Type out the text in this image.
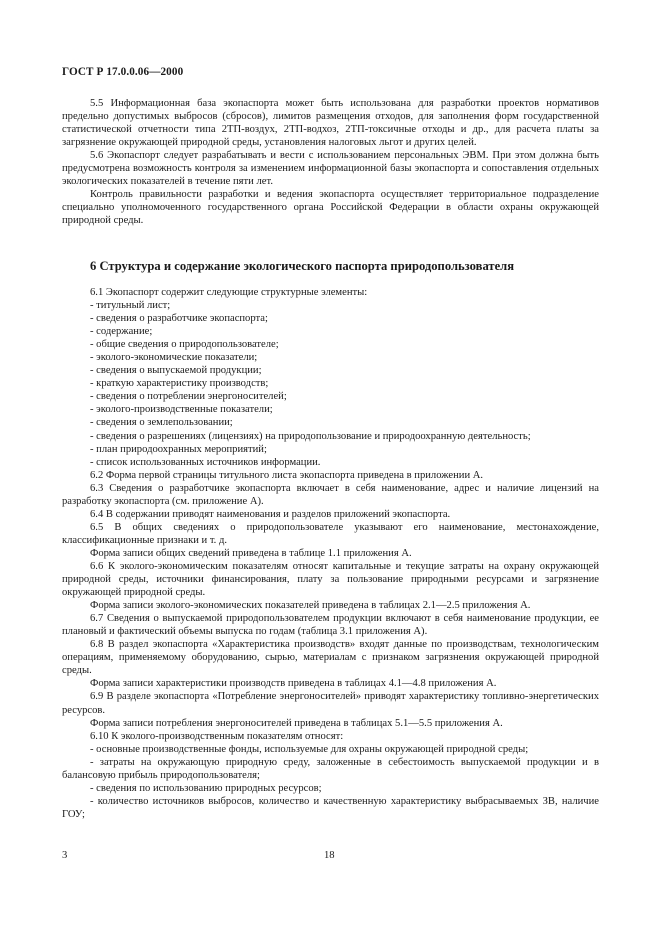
ГОСТ Р 17.0.0.06—2000

5.5 Информационная база экопаспорта может быть использована для разработки проектов нормативов предельно допустимых выбросов (сбросов), лимитов размещения отходов, для заполнения форм государственной статистической отчетности типа 2ТП-воздух, 2ТП-водхоз, 2ТП-токсичные отходы и др., для расчета платы за загрязнение окружающей природной среды, установления налоговых льгот и других целей.

5.6 Экопаспорт следует разрабатывать и вести с использованием персональных ЭВМ. При этом должна быть предусмотрена возможность контроля за изменением информационной базы экопаспорта и сопоставления отдельных экологических показателей в течение пяти лет.

Контроль правильности разработки и ведения экопаспорта осуществляет территориальное подразделение специально уполномоченного государственного органа Российской Федерации в области охраны окружающей природной среды.

6 Структура и содержание экологического паспорта природопользователя

6.1 Экопаспорт содержит следующие структурные элементы:

- титульный лист;

- сведения о разработчике экопаспорта;

- содержание;

- общие сведения о природопользователе;

- эколого-экономические показатели;

- сведения о выпускаемой продукции;

- краткую характеристику производств;

- сведения о потреблении энергоносителей;

- эколого-производственные показатели;

- сведения о землепользовании;

- сведения о разрешениях (лицензиях) на природопользование и природоохранную деятельность;

- план природоохранных мероприятий;

- список использованных источников информации.

6.2 Форма первой страницы титульного листа экопаспорта приведена в приложении А.

6.3 Сведения о разработчике экопаспорта включает в себя наименование, адрес и наличие лицензий на разработку экопаспорта (см. приложение А).

6.4 В содержании приводят наименования и разделов приложений экопаспорта.

6.5 В общих сведениях о природопользователе указывают его наименование, местонахождение, классификационные признаки и т. д.

Форма записи общих сведений приведена в таблице 1.1 приложения А.

6.6 К эколого-экономическим показателям относят капитальные и текущие затраты на охрану окружающей природной среды, источники финансирования, плату за пользование природными ресурсами и загрязнение окружающей природной среды.

Форма записи эколого-экономических показателей приведена в таблицах 2.1—2.5 приложения А.

6.7 Сведения о выпускаемой природопользователем продукции включают в себя наименование продукции, ее плановый и фактический объемы выпуска по годам (таблица 3.1 приложения А).

6.8 В раздел экопаспорта «Характеристика производств» входят данные по производствам, технологическим операциям, применяемому оборудованию, сырью, материалам с признаком загрязнения окружающей природной среды.

Форма записи характеристики производств приведена в таблицах 4.1—4.8 приложения А.

6.9 В разделе экопаспорта «Потребление энергоносителей» приводят характеристику топливно-энергетических ресурсов.

Форма записи потребления энергоносителей приведена в таблицах 5.1—5.5 приложения А.

6.10 К эколого-производственным показателям относят:

- основные производственные фонды, используемые для охраны окружающей природной среды;

- затраты на окружающую природную среду, заложенные в себестоимость выпускаемой продукции и в балансовую прибыль природопользователя;

- сведения по использованию природных ресурсов;

- количество источников выбросов, количество и качественную характеристику выбрасываемых ЗВ, наличие ГОУ;

3	18
